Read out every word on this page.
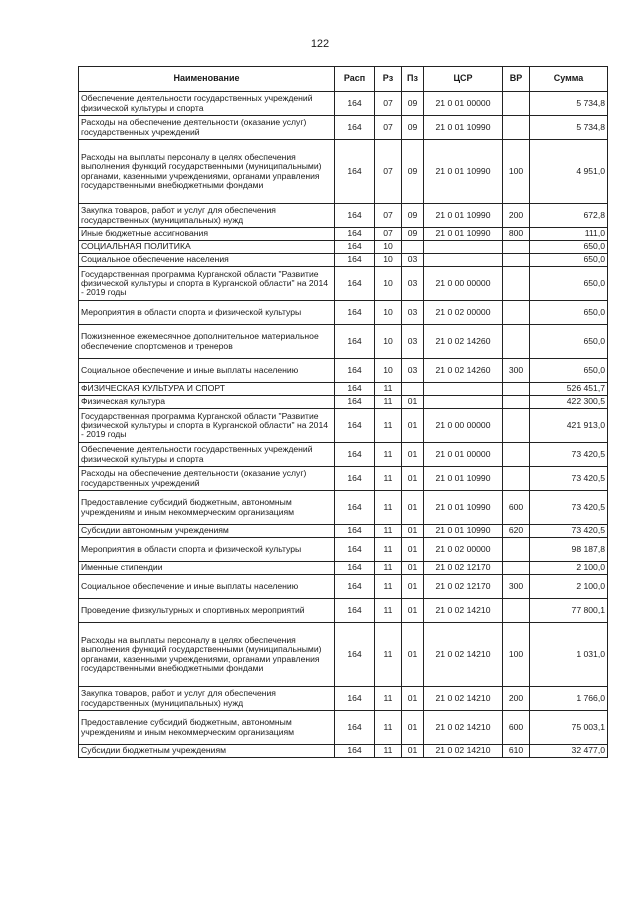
122
Наименование	Расп	Рз	Пз	ЦСР	ВР	Сумма
Обеспечение деятельности государственных учреждений физической культуры и спорта	164	07	09	21 0 01 00000		5 734,8
Расходы на обеспечение деятельности (оказание услуг) государственных учреждений	164	07	09	21 0 01 10990		5 734,8
Расходы на выплаты персоналу в целях обеспечения выполнения функций государственными (муниципальными) органами, казенными учреждениями, органами управления государственными внебюджетными фондами	164	07	09	21 0 01 10990	100	4 951,0
Закупка товаров, работ и услуг для обеспечения государственных (муниципальных) нужд	164	07	09	21 0 01 10990	200	672,8
Иные бюджетные ассигнования	164	07	09	21 0 01 10990	800	111,0
СОЦИАЛЬНАЯ ПОЛИТИКА	164	10				650,0
Социальное обеспечение населения	164	10	03			650,0
Государственная программа Курганской области "Развитие физической культуры и спорта в Курганской области" на 2014 - 2019 годы	164	10	03	21 0 00 00000		650,0
Мероприятия в области спорта и физической культуры	164	10	03	21 0 02 00000		650,0
Пожизненное ежемесячное дополнительное материальное обеспечение спортсменов и тренеров	164	10	03	21 0 02 14260		650,0
Социальное обеспечение и иные выплаты населению	164	10	03	21 0 02 14260	300	650,0
ФИЗИЧЕСКАЯ КУЛЬТУРА И СПОРТ	164	11				526 451,7
Физическая культура	164	11	01			422 300,5
Государственная программа Курганской области "Развитие физической культуры и спорта в Курганской области" на 2014 - 2019 годы	164	11	01	21 0 00 00000		421 913,0
Обеспечение деятельности государственных учреждений физической культуры и спорта	164	11	01	21 0 01 00000		73 420,5
Расходы на обеспечение деятельности (оказание услуг) государственных учреждений	164	11	01	21 0 01 10990		73 420,5
Предоставление субсидий бюджетным, автономным учреждениям и иным некоммерческим организациям	164	11	01	21 0 01 10990	600	73 420,5
Субсидии автономным учреждениям	164	11	01	21 0 01 10990	620	73 420,5
Мероприятия в области спорта и физической культуры	164	11	01	21 0 02 00000		98 187,8
Именные стипендии	164	11	01	21 0 02 12170		2 100,0
Социальное обеспечение и иные выплаты населению	164	11	01	21 0 02 12170	300	2 100,0
Проведение физкультурных и спортивных мероприятий	164	11	01	21 0 02 14210		77 800,1
Расходы на выплаты персоналу в целях обеспечения выполнения функций государственными (муниципальными) органами, казенными учреждениями, органами управления государственными внебюджетными фондами	164	11	01	21 0 02 14210	100	1 031,0
Закупка товаров, работ и услуг для обеспечения государственных (муниципальных) нужд	164	11	01	21 0 02 14210	200	1 766,0
Предоставление субсидий бюджетным, автономным учреждениям и иным некоммерческим организациям	164	11	01	21 0 02 14210	600	75 003,1
Субсидии бюджетным учреждениям	164	11	01	21 0 02 14210	610	32 477,0
